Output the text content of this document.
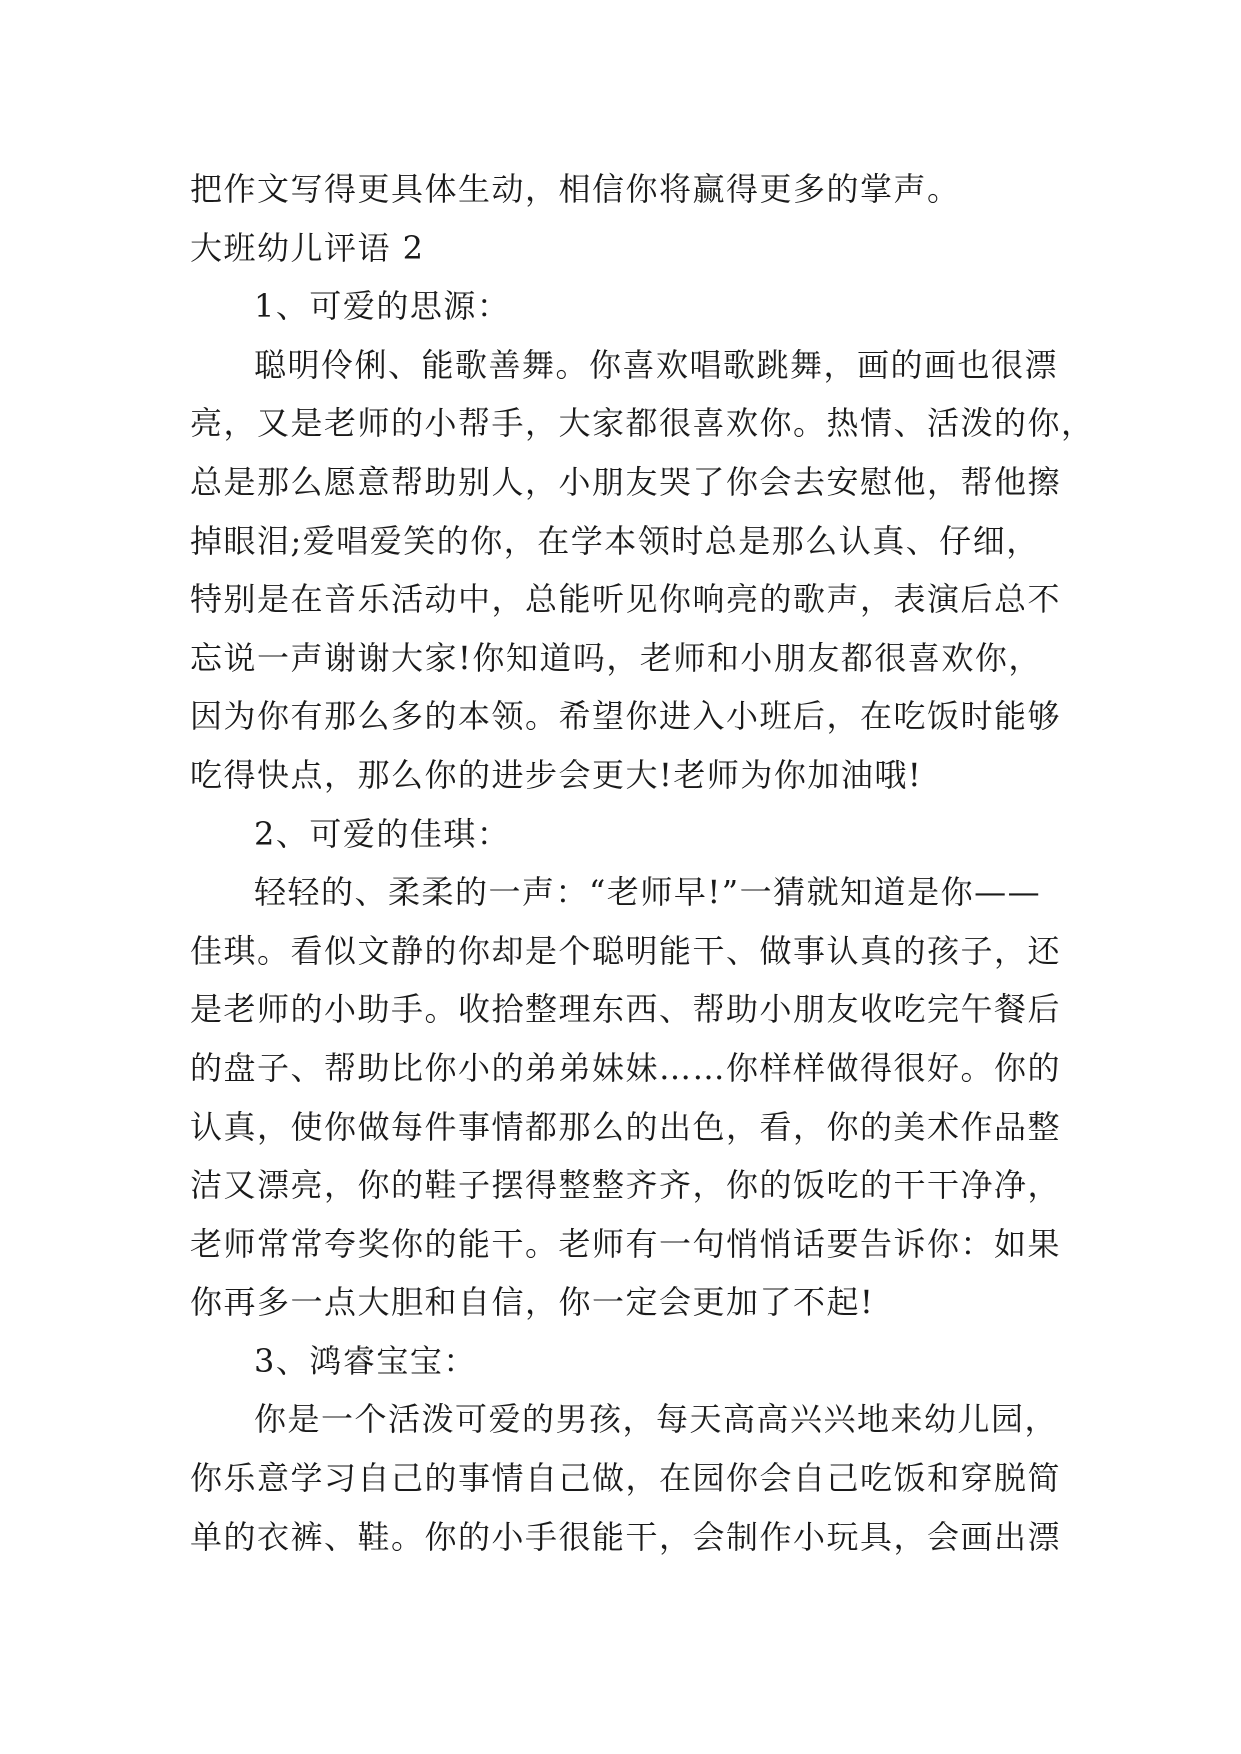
把作文写得更具体生动，相信你将赢得更多的掌声。
大班幼儿评语 2
1、可爱的思源：
聪明伶俐、能歌善舞。你喜欢唱歌跳舞，画的画也很漂
亮，又是老师的小帮手，大家都很喜欢你。热情、活泼的你，
总是那么愿意帮助别人，小朋友哭了你会去安慰他，帮他擦
掉眼泪;爱唱爱笑的你，在学本领时总是那么认真、仔细，
特别是在音乐活动中，总能听见你响亮的歌声，表演后总不
忘说一声谢谢大家!你知道吗，老师和小朋友都很喜欢你，
因为你有那么多的本领。希望你进入小班后，在吃饭时能够
吃得快点，那么你的进步会更大!老师为你加油哦!
2、可爱的佳琪：
轻轻的、柔柔的一声：“老师早!”一猜就知道是你——
佳琪。看似文静的你却是个聪明能干、做事认真的孩子，还
是老师的小助手。收拾整理东西、帮助小朋友收吃完午餐后
的盘子、帮助比你小的弟弟妹妹……你样样做得很好。你的
认真，使你做每件事情都那么的出色，看，你的美术作品整
洁又漂亮，你的鞋子摆得整整齐齐，你的饭吃的干干净净，
老师常常夸奖你的能干。老师有一句悄悄话要告诉你：如果
你再多一点大胆和自信，你一定会更加了不起!
3、鸿睿宝宝：
你是一个活泼可爱的男孩，每天高高兴兴地来幼儿园，
你乐意学习自己的事情自己做，在园你会自己吃饭和穿脱简
单的衣裤、鞋。你的小手很能干，会制作小玩具，会画出漂
